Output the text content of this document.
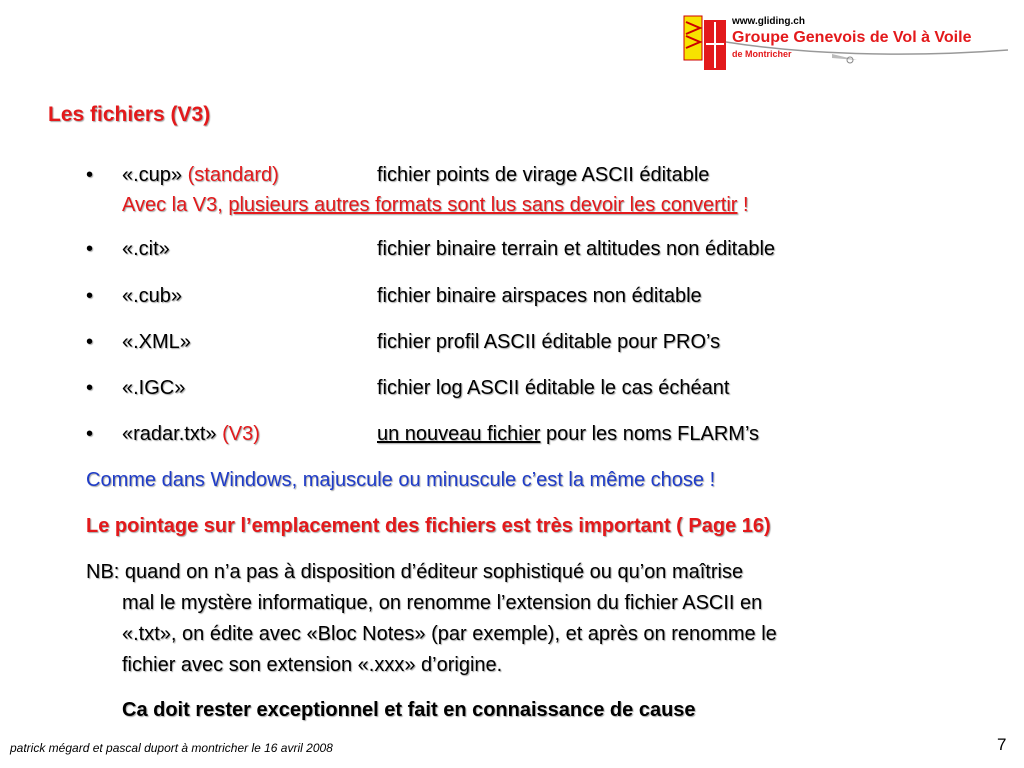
www.gliding.ch
Groupe Genevois de Vol à Voile
de Montricher
Les fichiers (V3)
• «.cup» (standard)	fichier points de virage ASCII éditable
Avec la V3, plusieurs autres formats sont lus sans devoir les convertir !
• «.cit»	fichier binaire terrain et altitudes non éditable
• «.cub»	fichier binaire airspaces non éditable
• «.XML»	fichier profil ASCII éditable pour PRO’s
• «.IGC»	fichier log ASCII éditable le cas échéant
• «radar.txt» (V3)	un nouveau fichier pour les noms FLARM’s
Comme dans Windows, majuscule ou minuscule c’est la même chose !
Le pointage sur l’emplacement des fichiers est très important ( Page 16)
NB: quand on n’a pas à disposition d’éditeur sophistiqué ou qu’on maîtrise
mal le mystère informatique, on renomme l’extension du fichier ASCII en
«.txt», on édite avec «Bloc Notes» (par exemple), et après on renomme le
fichier avec son extension «.xxx» d’origine.
Ca doit rester exceptionnel et fait en connaissance de cause
patrick mégard et pascal duport à montricher le 16 avril 2008	7
